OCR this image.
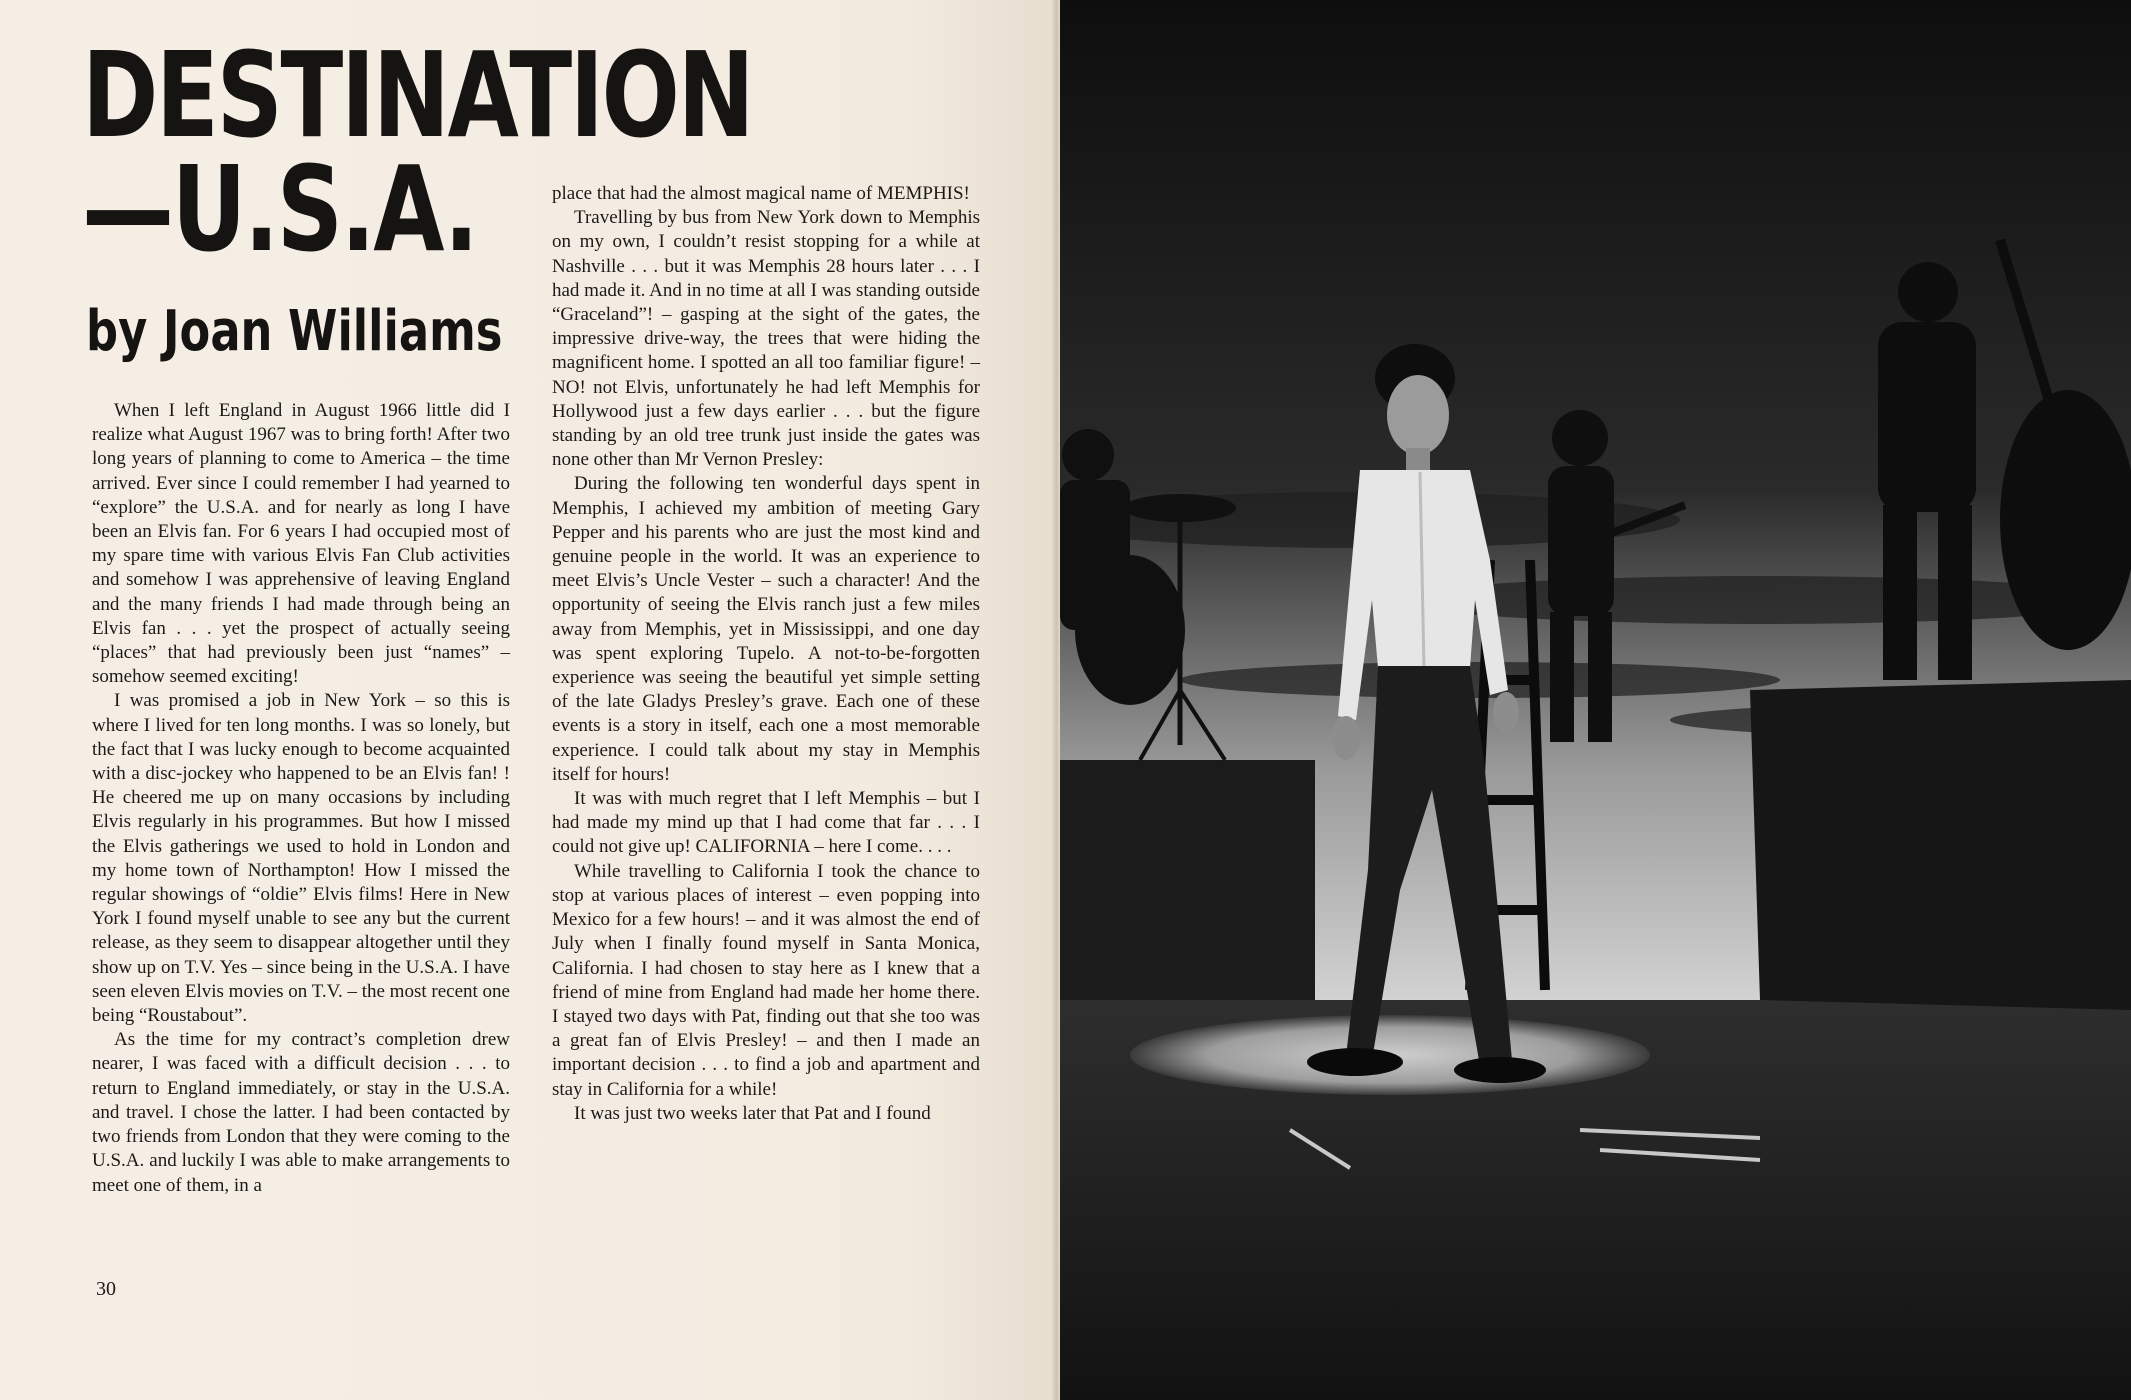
DESTINATION
—U.S.A.
by Joan Williams

When I left England in August 1966 little did I realize what August 1967 was to bring forth! After two long years of planning to come to America – the time arrived. Ever since I could remember I had yearned to “explore” the U.S.A. and for nearly as long I have been an Elvis fan. For 6 years I had occupied most of my spare time with various Elvis Fan Club activities and somehow I was apprehensive of leaving England and the many friends I had made through being an Elvis fan . . . yet the prospect of actually seeing “places” that had previously been just “names” – somehow seemed exciting!

I was promised a job in New York – so this is where I lived for ten long months. I was so lonely, but the fact that I was lucky enough to become acquainted with a disc-jockey who happened to be an Elvis fan! ! He cheered me up on many occasions by including Elvis regularly in his programmes. But how I missed the Elvis gatherings we used to hold in London and my home town of Northampton! How I missed the regular showings of “oldie” Elvis films! Here in New York I found myself unable to see any but the current release, as they seem to disappear altogether until they show up on T.V. Yes – since being in the U.S.A. I have seen eleven Elvis movies on T.V. – the most recent one being “Roustabout”.

As the time for my contract’s completion drew nearer, I was faced with a difficult decision . . . to return to England immediately, or stay in the U.S.A. and travel. I chose the latter. I had been contacted by two friends from London that they were coming to the U.S.A. and luckily I was able to make arrangements to meet one of them, in a

place that had the almost magical name of MEMPHIS!

Travelling by bus from New York down to Memphis on my own, I couldn’t resist stopping for a while at Nashville . . . but it was Memphis 28 hours later . . . I had made it. And in no time at all I was standing outside “Graceland”! – gasping at the sight of the gates, the impressive drive-way, the trees that were hiding the magnificent home. I spotted an all too familiar figure! – NO! not Elvis, unfortunately he had left Memphis for Hollywood just a few days earlier . . . but the figure standing by an old tree trunk just inside the gates was none other than Mr Vernon Presley:

During the following ten wonderful days spent in Memphis, I achieved my ambition of meeting Gary Pepper and his parents who are just the most kind and genuine people in the world. It was an experience to meet Elvis’s Uncle Vester – such a character! And the opportunity of seeing the Elvis ranch just a few miles away from Memphis, yet in Mississippi, and one day was spent exploring Tupelo. A not-to-be-forgotten experience was seeing the beautiful yet simple setting of the late Gladys Presley’s grave. Each one of these events is a story in itself, each one a most memorable experience. I could talk about my stay in Memphis itself for hours!

It was with much regret that I left Memphis – but I had made my mind up that I had come that far . . . I could not give up! CALIFORNIA – here I come. . . .

While travelling to California I took the chance to stop at various places of interest – even popping into Mexico for a few hours! – and it was almost the end of July when I finally found myself in Santa Monica, California. I had chosen to stay here as I knew that a friend of mine from England had made her home there. I stayed two days with Pat, finding out that she too was a great fan of Elvis Presley! – and then I made an important decision . . . to find a job and apartment and stay in California for a while!

It was just two weeks later that Pat and I found

30
